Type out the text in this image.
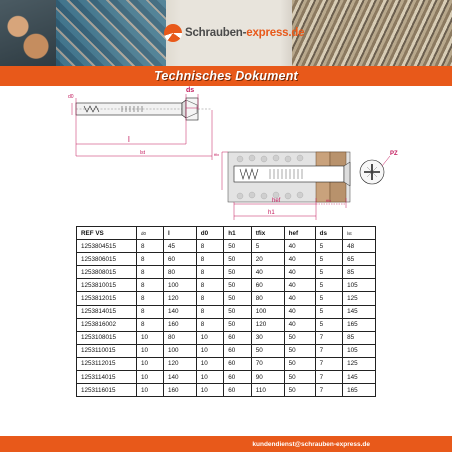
Schrauben-express.de
Technisches Dokument
d0
ds
l
lst	tfix
hef	tfix
h1
PZ
REF VS	d0	l	d0	h1	tfix	hef	ds	lst
1253804515	8	45	8	50	5	40	5	48
1253806015	8	60	8	50	20	40	5	65
1253808015	8	80	8	50	40	40	5	85
1253810015	8	100	8	50	60	40	5	105
1253812015	8	120	8	50	80	40	5	125
1253814015	8	140	8	50	100	40	5	145
1253816002	8	160	8	50	120	40	5	165
1253108015	10	80	10	60	30	50	7	85
1253110015	10	100	10	60	50	50	7	105
1253112015	10	120	10	60	70	50	7	125
1253114015	10	140	10	60	90	50	7	145
1253116015	10	160	10	60	110	50	7	165
kundendienst@schrauben-express.de
